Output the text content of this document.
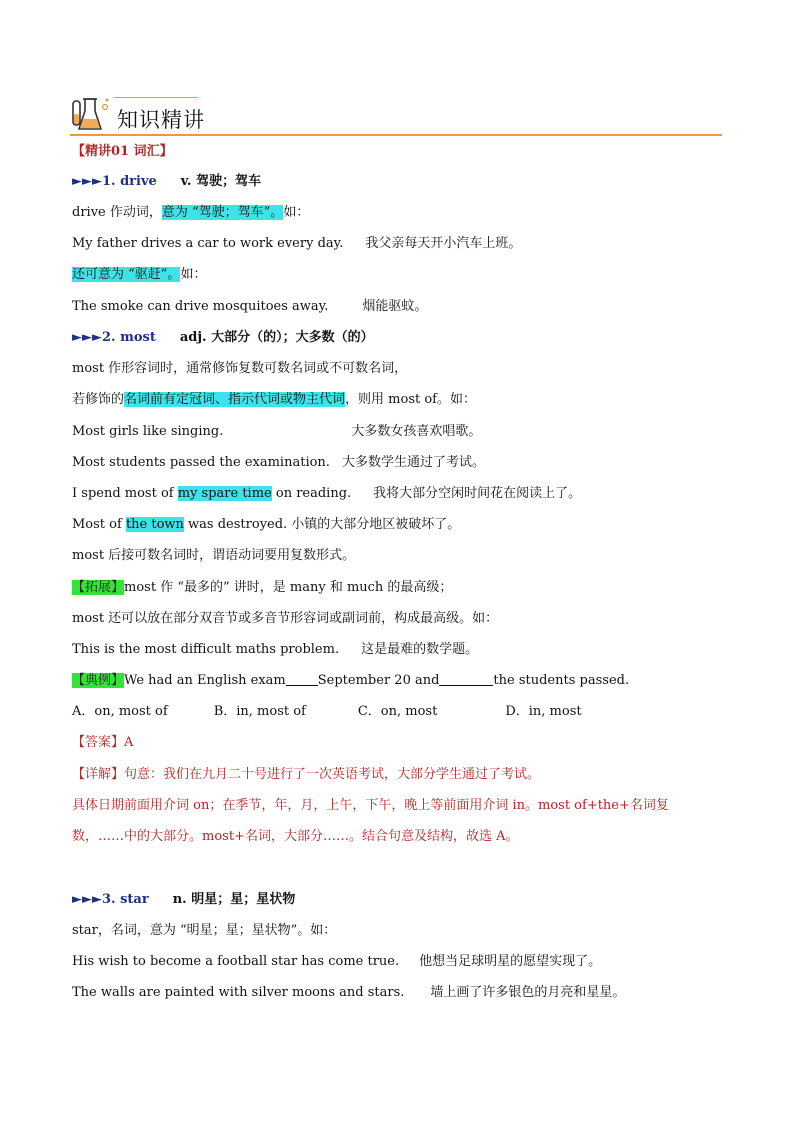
知识精讲
【精讲01 词汇】
►►►1. drive v. 驾驶；驾车
drive 作动词，意为 “驾驶；驾车”。如：
My father drives a car to work every day. 我父亲每天开小汽车上班。
还可意为 “驱赶”。如：
The smoke can drive mosquitoes away.	烟能驱蚊。
►►►2. most adj. 大部分（的）；大多数（的）
most 作形容词时，通常修饰复数可数名词或不可数名词，
若修饰的名词前有定冠词、指示代词或物主代词，则用 most of。如：
Most girls like singing.	大多数女孩喜欢唱歌。
Most students passed the examination. 大多数学生通过了考试。
I spend most of my spare time on reading. 我将大部分空闲时间花在阅读上了。
Most of the town was destroyed. 小镇的大部分地区被破坏了。
most 后接可数名词时，谓语动词要用复数形式。
【拓展】most 作 “最多的” 讲时，是 many 和 much 的最高级；
most 还可以放在部分双音节或多音节形容词或副词前，构成最高级。如：
This is the most difficult maths problem. 这是最难的数学题。
【典例】We had an English exam September 20 and	the students passed.
A．on, most of	B．in, most of	C．on, most	D．in, most
【答案】A
【详解】句意：我们在九月二十号进行了一次英语考试，大部分学生通过了考试。
具体日期前面用介词 on；在季节，年，月，上午，下午，晚上等前面用介词 in。most of+the+名词复
数，……中的大部分。most+名词，大部分……。结合句意及结构，故选 A。
►►►3. star n. 明星；星；星状物
star，名词，意为 “明星；星；星状物”。如：
His wish to become a football star has come true. 他想当足球明星的愿望实现了。
The walls are painted with silver moons and stars. 墙上画了许多银色的月亮和星星。
